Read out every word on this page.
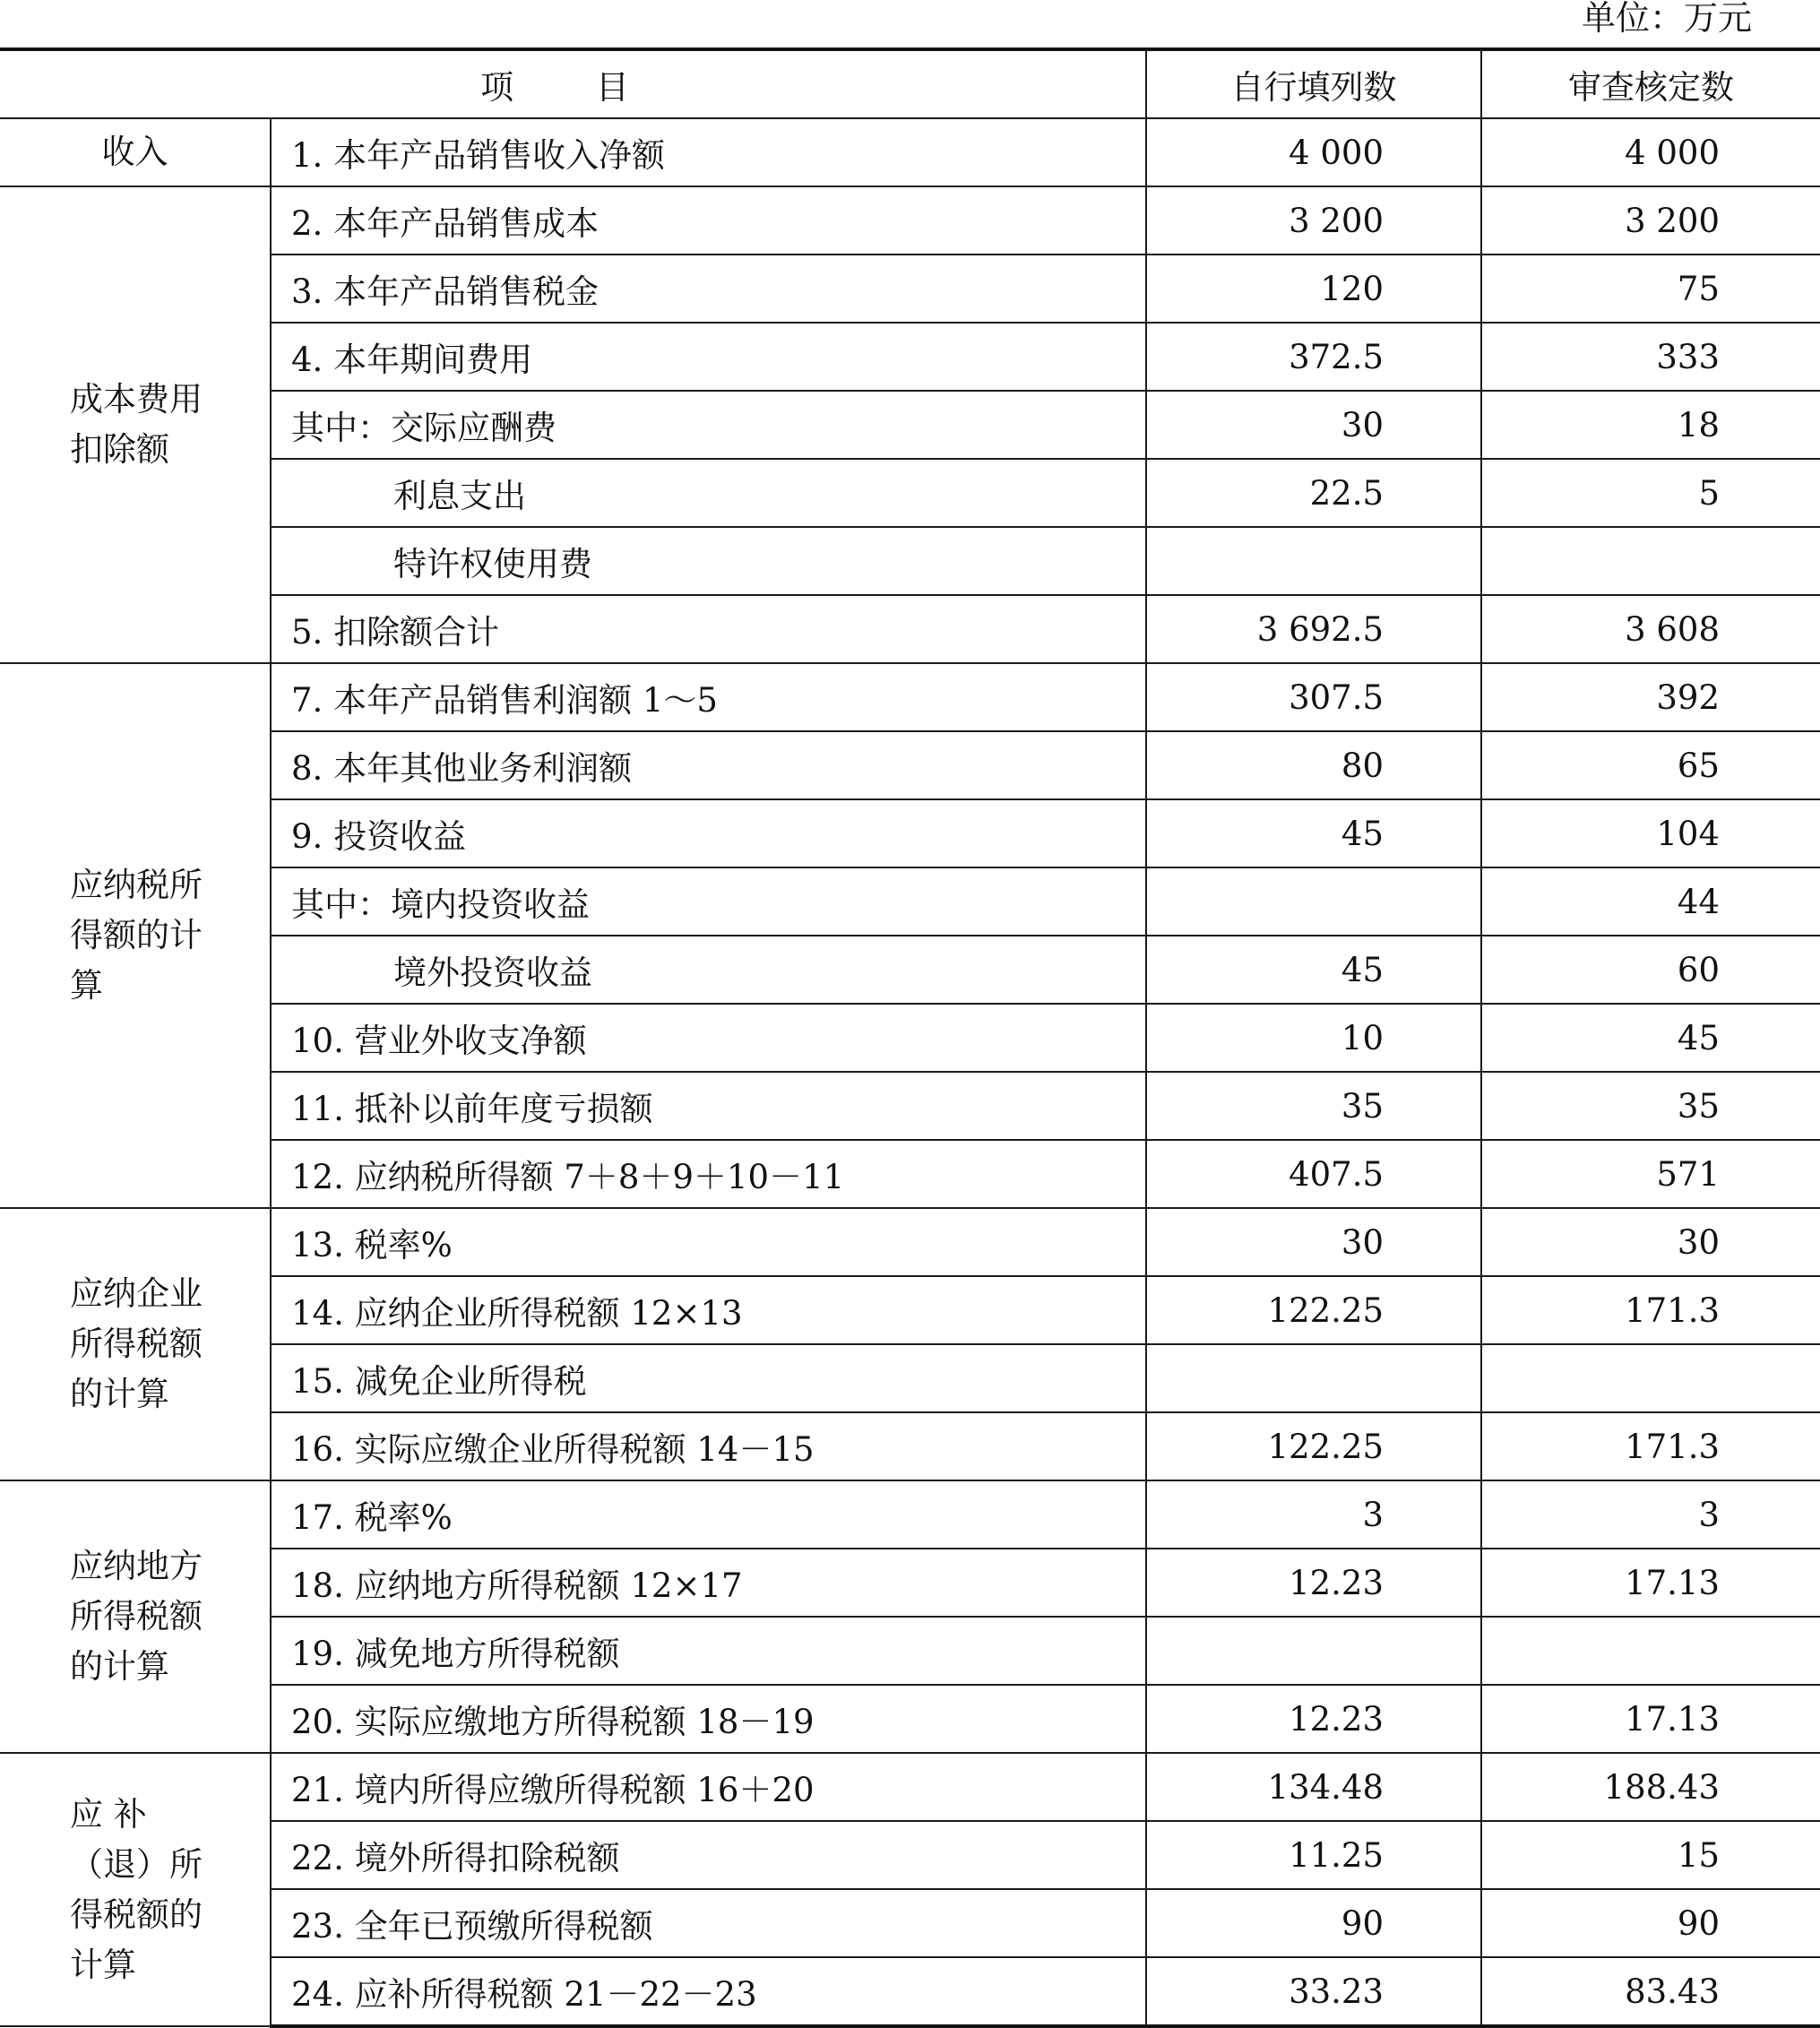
单位：万元
项 目		自行填列数	审查核定数
收入	1. 本年产品销售收入净额	4 000	4 000
成本费用扣除额	2. 本年产品销售成本	3 200	3 200
	3. 本年产品销售税金	120	75
	4. 本年期间费用	372.5	333
	其中：交际应酬费	30	18
	利息支出	22.5	5
	特许权使用费		
	5. 扣除额合计	3 692.5	3 608
应纳税所得额的计算	7. 本年产品销售利润额 1～5	307.5	392
	8. 本年其他业务利润额	80	65
	9. 投资收益	45	104
	其中：境内投资收益		44
	境外投资收益	45	60
	10. 营业外收支净额	10	45
	11. 抵补以前年度亏损额	35	35
	12. 应纳税所得额 7＋8＋9＋10－11	407.5	571
应纳企业所得税额的计算	13. 税率%	30	30
	14. 应纳企业所得税额 12×13	122.25	171.3
	15. 减免企业所得税		
	16. 实际应缴企业所得税额 14－15	122.25	171.3
应纳地方所得税额的计算	17. 税率%	3	3
	18. 应纳地方所得税额 12×17	12.23	17.13
	19. 减免地方所得税额		
	20. 实际应缴地方所得税额 18－19	12.23	17.13
应 补（退）所得税额的计算	21. 境内所得应缴所得税额 16＋20	134.48	188.43
	22. 境外所得扣除税额	11.25	15
	23. 全年已预缴所得税额	90	90
	24. 应补所得税额 21－22－23	33.23	83.43
